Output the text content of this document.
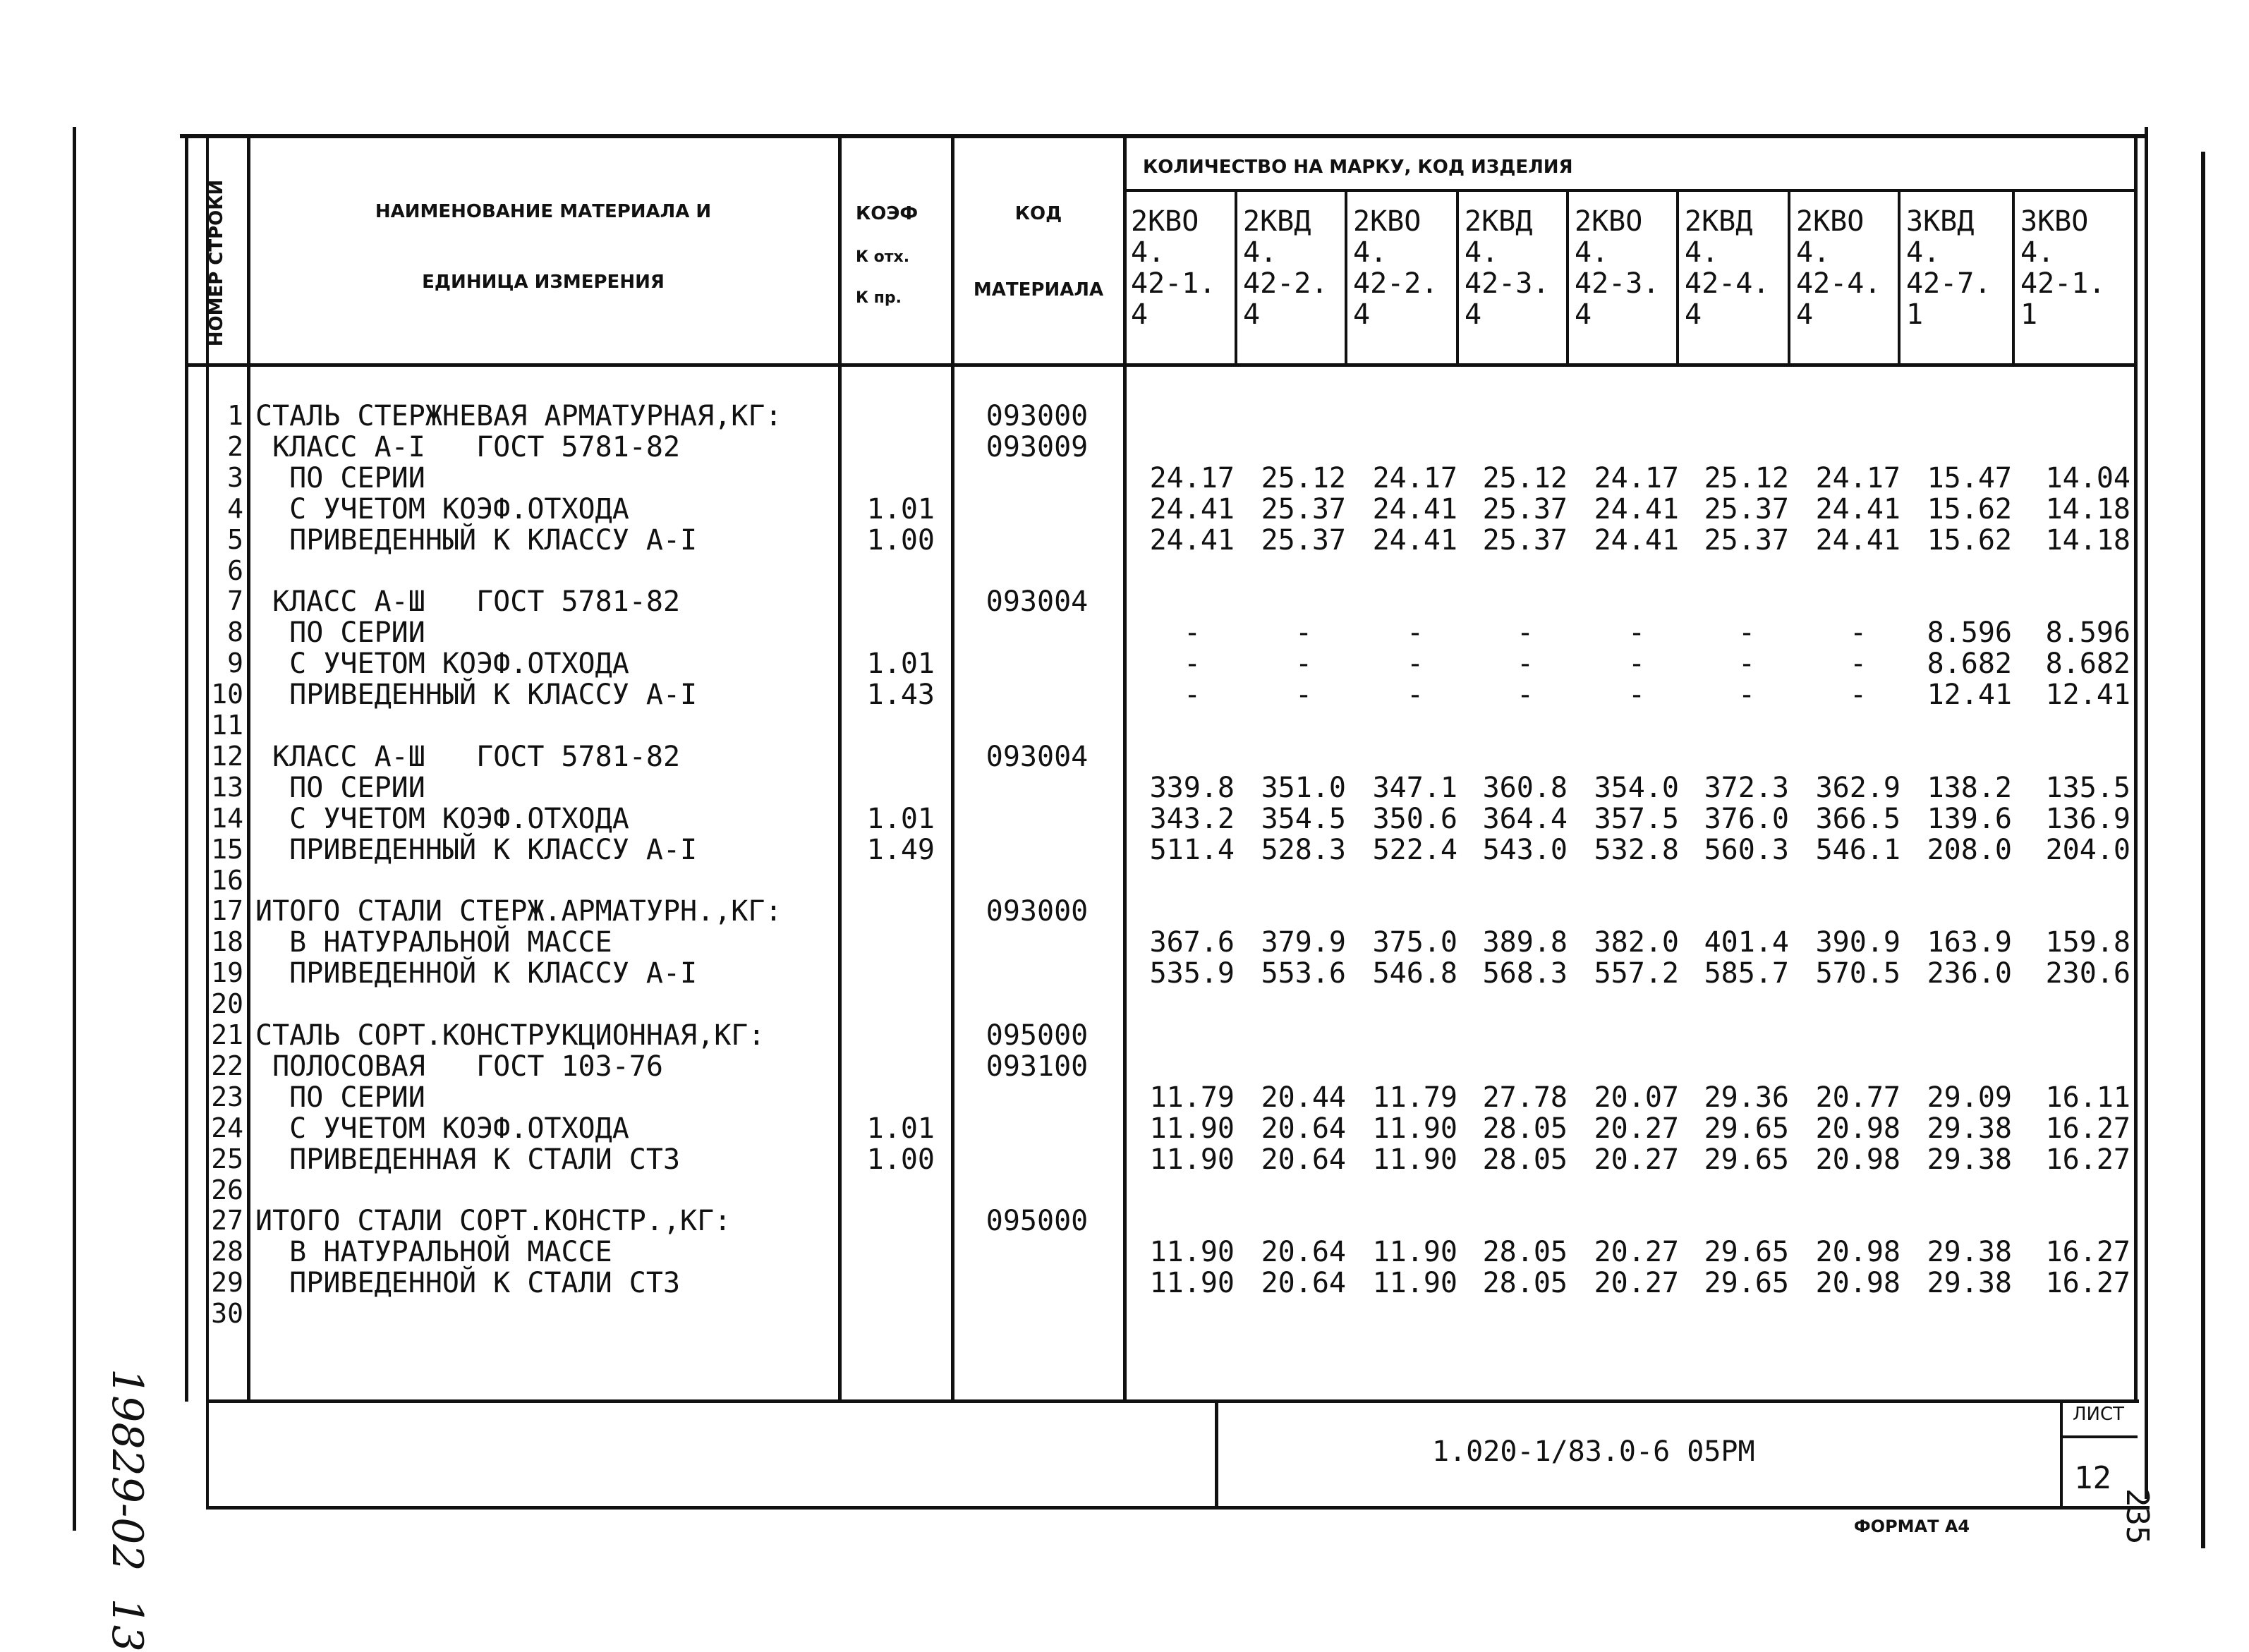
НОМЕР СТРОКИ	НАИМЕНОВАНИЕ МАТЕРИАЛА И
ЕДИНИЦА ИЗМЕРЕНИЯ
КОЭФ
К отх.
К пр.
КОД
МАТЕРИАЛА
КОЛИЧЕСТВО НА МАРКУ, КОД ИЗДЕЛИЯ
2КВО
4.
42-1.
4
2КВД
4.
42-2.
4
2КВО
4.
42-2.
4
2КВД
4.
42-3.
4
2КВО
4.
42-3.
4
2КВД
4.
42-4.
4
2КВО
4.
42-4.
4
3КВД
4.
42-7.
1
3КВО
4.
42-1.
1
1 СТАЛЬ СТЕРЖНЕВАЯ АРМАТУРНАЯ,КГ:	093000
2 КЛАСС А-I   ГОСТ 5781-82	093009
3 ПО СЕРИИ	24.17 25.12 24.17 25.12 24.17 25.12 24.17 15.47	14.04
4 С УЧЕТОМ КОЭФ.ОТХОДА	1.01	24.41 25.37 24.41 25.37 24.41 25.37 24.41 15.62	14.18
5 ПРИВЕДЕННЫЙ К КЛАССУ А-I	1.00	24.41 25.37 24.41 25.37 24.41 25.37 24.41 15.62	14.18
6
7 КЛАСС А-Ш   ГОСТ 5781-82	093004
8 ПО СЕРИИ	-	-	-	-	-	-	-	8.596	8.596
9 С УЧЕТОМ КОЭФ.ОТХОДА	1.01	-	-	-	-	-	-	-	8.682	8.682
10 ПРИВЕДЕННЫЙ К КЛАССУ А-I	1.43	-	-	-	-	-	-	-	12.41	12.41
11
12 КЛАСС А-Ш   ГОСТ 5781-82	093004
13 ПО СЕРИИ	339.8 351.0 347.1 360.8 354.0 372.3 362.9 138.2	135.5
14 С УЧЕТОМ КОЭФ.ОТХОДА	1.01	343.2 354.5 350.6 364.4 357.5 376.0 366.5 139.6	136.9
15 ПРИВЕДЕННЫЙ К КЛАССУ А-I	1.49	511.4 528.3 522.4 543.0 532.8 560.3 546.1 208.0	204.0
16
17 ИТОГО СТАЛИ СТЕРЖ.АРМАТУРН.,КГ:	093000
18 В НАТУРАЛЬНОЙ МАССЕ	367.6 379.9 375.0 389.8 382.0 401.4 390.9 163.9	159.8
19 ПРИВЕДЕННОЙ К КЛАССУ А-I	535.9 553.6 546.8 568.3 557.2 585.7 570.5 236.0	230.6
20
21 СТАЛЬ СОРТ.КОНСТРУКЦИОННАЯ,КГ:	095000
22 ПОЛОСОВАЯ   ГОСТ 103-76	093100
23 ПО СЕРИИ	11.79 20.44 11.79 27.78 20.07 29.36 20.77 29.09	16.11
24 С УЧЕТОМ КОЭФ.ОТХОДА	1.01	11.90 20.64 11.90 28.05 20.27 29.65 20.98 29.38	16.27
25 ПРИВЕДЕННАЯ К СТАЛИ СТ3	1.00	11.90 20.64 11.90 28.05 20.27 29.65 20.98 29.38	16.27
26
27 ИТОГО СТАЛИ СОРТ.КОНСТР.,КГ:	095000
28 В НАТУРАЛЬНОЙ МАССЕ	11.90 20.64 11.90 28.05 20.27 29.65 20.98 29.38	16.27
29 ПРИВЕДЕННОЙ К СТАЛИ СТ3	11.90 20.64 11.90 28.05 20.27 29.65 20.98 29.38	16.27
30
1.020-1/83.0-6 05РМ
ЛИСТ
12
ФОРМАТ А4	235
19829-02  13
